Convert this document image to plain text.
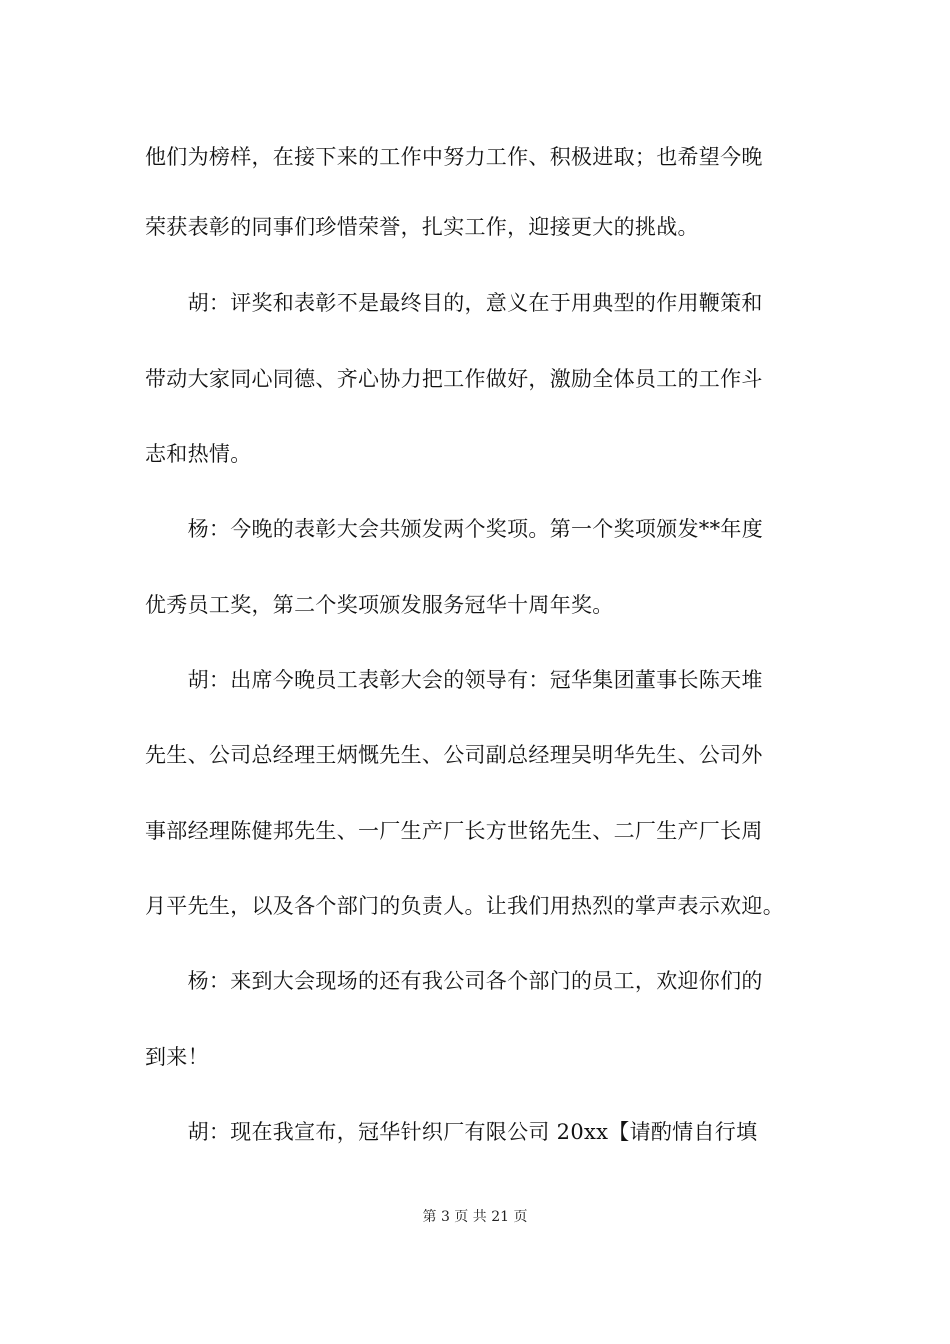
他们为榜样，在接下来的工作中努力工作、积极进取；也希望今晚
荣获表彰的同事们珍惜荣誉，扎实工作，迎接更大的挑战。
　　胡：评奖和表彰不是最终目的，意义在于用典型的作用鞭策和
带动大家同心同德、齐心协力把工作做好，激励全体员工的工作斗
志和热情。
　　杨：今晚的表彰大会共颁发两个奖项。第一个奖项颁发**年度
优秀员工奖，第二个奖项颁发服务冠华十周年奖。
　　胡：出席今晚员工表彰大会的领导有：冠华集团董事长陈天堆
先生、公司总经理王炳慨先生、公司副总经理吴明华先生、公司外
事部经理陈健邦先生、一厂生产厂长方世铭先生、二厂生产厂长周
月平先生，以及各个部门的负责人。让我们用热烈的掌声表示欢迎。
　　杨：来到大会现场的还有我公司各个部门的员工，欢迎你们的
到来！
　　胡：现在我宣布，冠华针织厂有限公司 20xx【请酌情自行填
第 3 页 共 21 页
